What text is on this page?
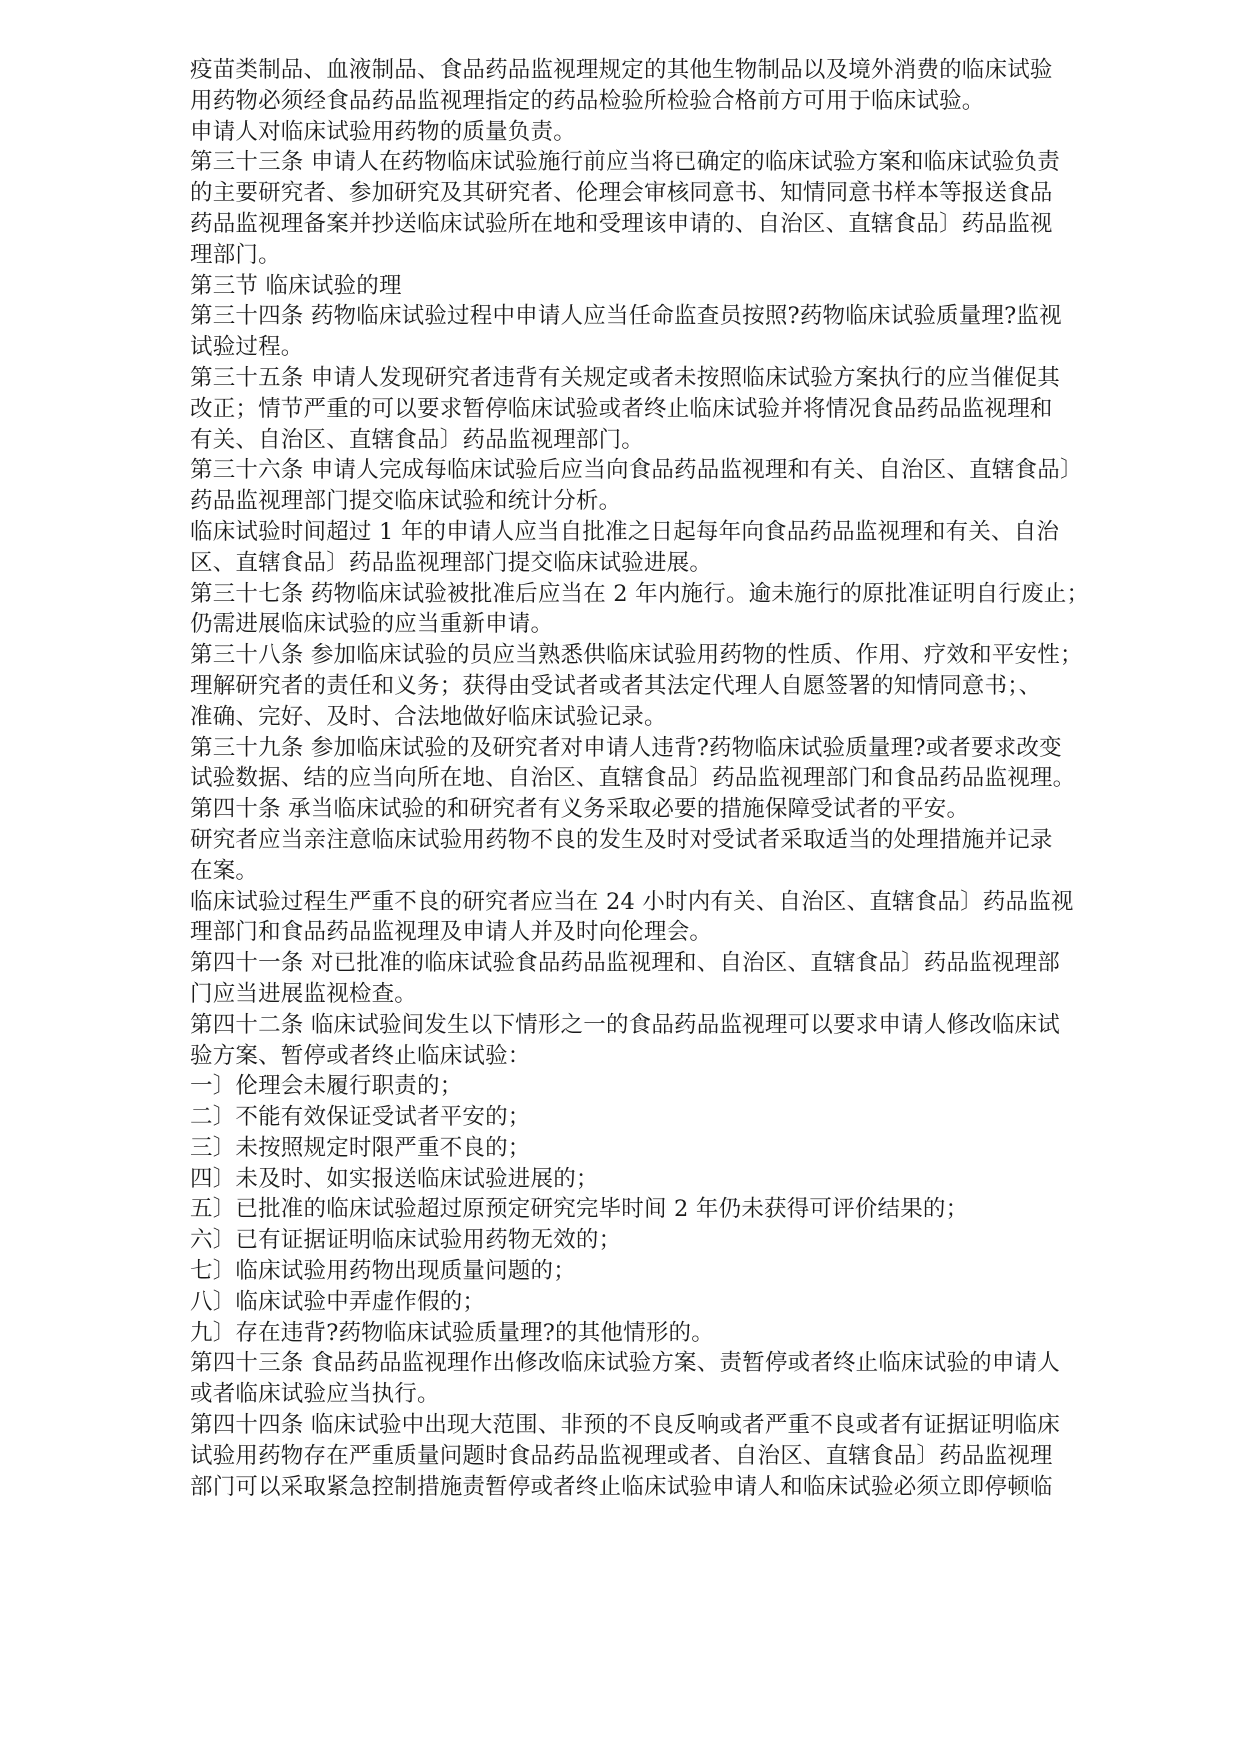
疫苗类制品、血液制品、食品药品监视理规定的其他生物制品以及境外消费的临床试验
用药物必须经食品药品监视理指定的药品检验所检验合格前方可用于临床试验。
申请人对临床试验用药物的质量负责。
第三十三条 申请人在药物临床试验施行前应当将已确定的临床试验方案和临床试验负责
的主要研究者、参加研究及其研究者、伦理会审核同意书、知情同意书样本等报送食品
药品监视理备案并抄送临床试验所在地和受理该申请的、自治区、直辖食品〕药品监视
理部门。
第三节 临床试验的理
第三十四条 药物临床试验过程中申请人应当任命监查员按照?药物临床试验质量理?监视
试验过程。
第三十五条 申请人发现研究者违背有关规定或者未按照临床试验方案执行的应当催促其
改正；情节严重的可以要求暂停临床试验或者终止临床试验并将情况食品药品监视理和
有关、自治区、直辖食品〕药品监视理部门。
第三十六条 申请人完成每临床试验后应当向食品药品监视理和有关、自治区、直辖食品〕
药品监视理部门提交临床试验和统计分析。
临床试验时间超过 1 年的申请人应当自批准之日起每年向食品药品监视理和有关、自治
区、直辖食品〕药品监视理部门提交临床试验进展。
第三十七条 药物临床试验被批准后应当在 2 年内施行。逾未施行的原批准证明自行废止；
仍需进展临床试验的应当重新申请。
第三十八条 参加临床试验的员应当熟悉供临床试验用药物的性质、作用、疗效和平安性；
理解研究者的责任和义务；获得由受试者或者其法定代理人自愿签署的知情同意书；、
准确、完好、及时、合法地做好临床试验记录。
第三十九条 参加临床试验的及研究者对申请人违背?药物临床试验质量理?或者要求改变
试验数据、结的应当向所在地、自治区、直辖食品〕药品监视理部门和食品药品监视理。
第四十条 承当临床试验的和研究者有义务采取必要的措施保障受试者的平安。
研究者应当亲注意临床试验用药物不良的发生及时对受试者采取适当的处理措施并记录
在案。
临床试验过程生严重不良的研究者应当在 24 小时内有关、自治区、直辖食品〕药品监视
理部门和食品药品监视理及申请人并及时向伦理会。
第四十一条 对已批准的临床试验食品药品监视理和、自治区、直辖食品〕药品监视理部
门应当进展监视检查。
第四十二条 临床试验间发生以下情形之一的食品药品监视理可以要求申请人修改临床试
验方案、暂停或者终止临床试验：
一〕伦理会未履行职责的；
二〕不能有效保证受试者平安的；
三〕未按照规定时限严重不良的；
四〕未及时、如实报送临床试验进展的；
五〕已批准的临床试验超过原预定研究完毕时间 2 年仍未获得可评价结果的；
六〕已有证据证明临床试验用药物无效的；
七〕临床试验用药物出现质量问题的；
八〕临床试验中弄虚作假的；
九〕存在违背?药物临床试验质量理?的其他情形的。
第四十三条 食品药品监视理作出修改临床试验方案、责暂停或者终止临床试验的申请人
或者临床试验应当执行。
第四十四条 临床试验中出现大范围、非预的不良反响或者严重不良或者有证据证明临床
试验用药物存在严重质量问题时食品药品监视理或者、自治区、直辖食品〕药品监视理
部门可以采取紧急控制措施责暂停或者终止临床试验申请人和临床试验必须立即停顿临
